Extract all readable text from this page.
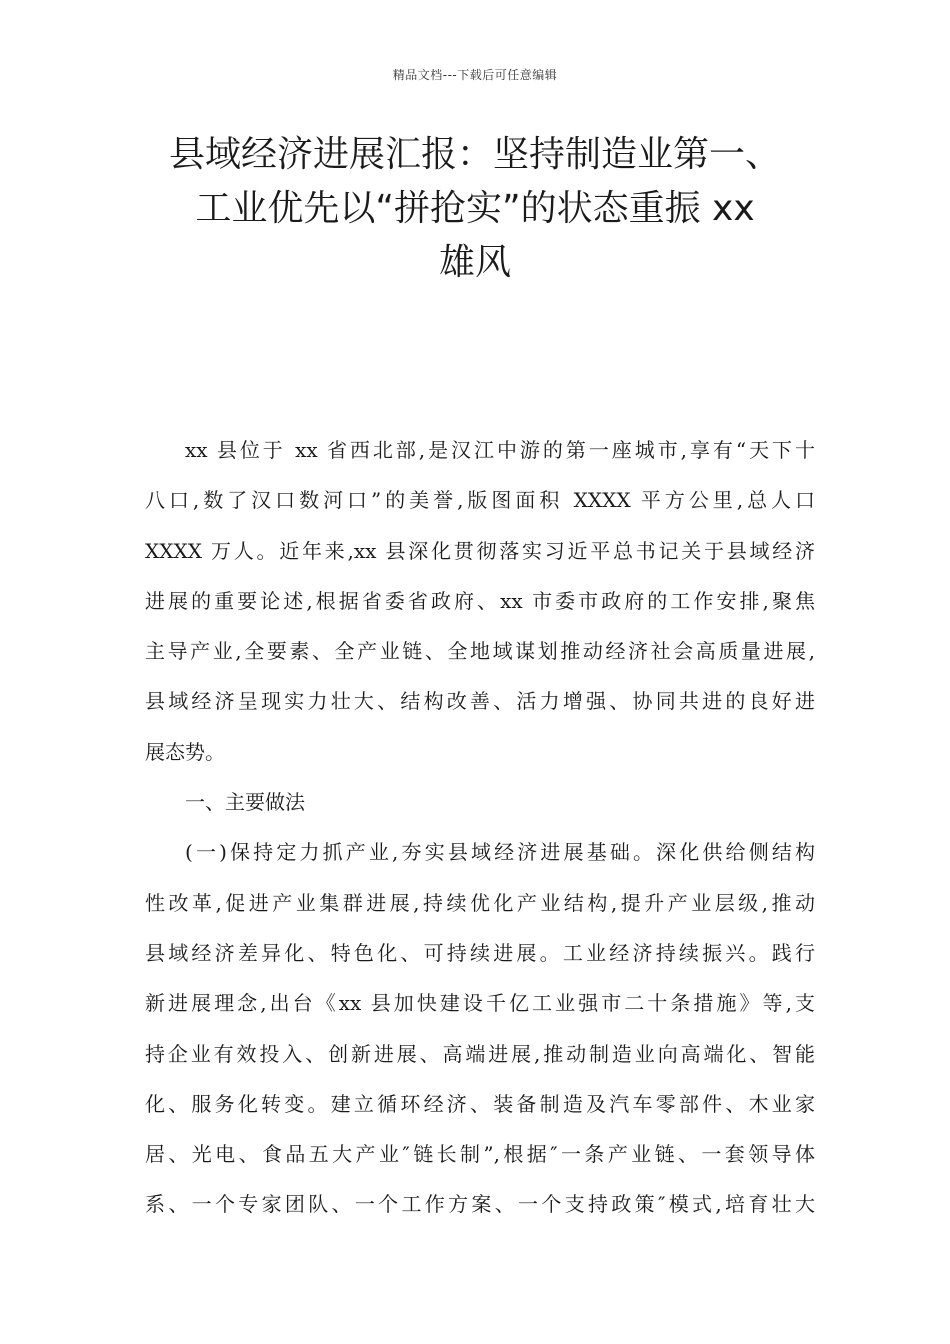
精品文档---下载后可任意编辑
县域经济进展汇报：坚持制造业第一、
工业优先以“拼抢实”的状态重振 xx
雄风

xx 县位于 xx 省西北部,是汉江中游的第一座城市,享有“天下十
八口,数了汉口数河口”的美誉,版图面积 XXXX 平方公里,总人口
XXXX 万人。近年来,xx 县深化贯彻落实习近平总书记关于县域经济
进展的重要论述,根据省委省政府、xx 市委市政府的工作安排,聚焦
主导产业,全要素、全产业链、全地域谋划推动经济社会高质量进展,
县域经济呈现实力壮大、结构改善、活力增强、协同共进的良好进
展态势。

一、主要做法

(一)保持定力抓产业,夯实县域经济进展基础。深化供给侧结构
性改革,促进产业集群进展,持续优化产业结构,提升产业层级,推动
县域经济差异化、特色化、可持续进展。工业经济持续振兴。践行
新进展理念,出台《xx 县加快建设千亿工业强市二十条措施》等,支
持企业有效投入、创新进展、高端进展,推动制造业向高端化、智能
化、服务化转变。建立循环经济、装备制造及汽车零部件、木业家
居、光电、食品五大产业″链长制”,根据″一条产业链、一套领导体
系、一个专家团队、一个工作方案、一个支持政策″模式,培育壮大
